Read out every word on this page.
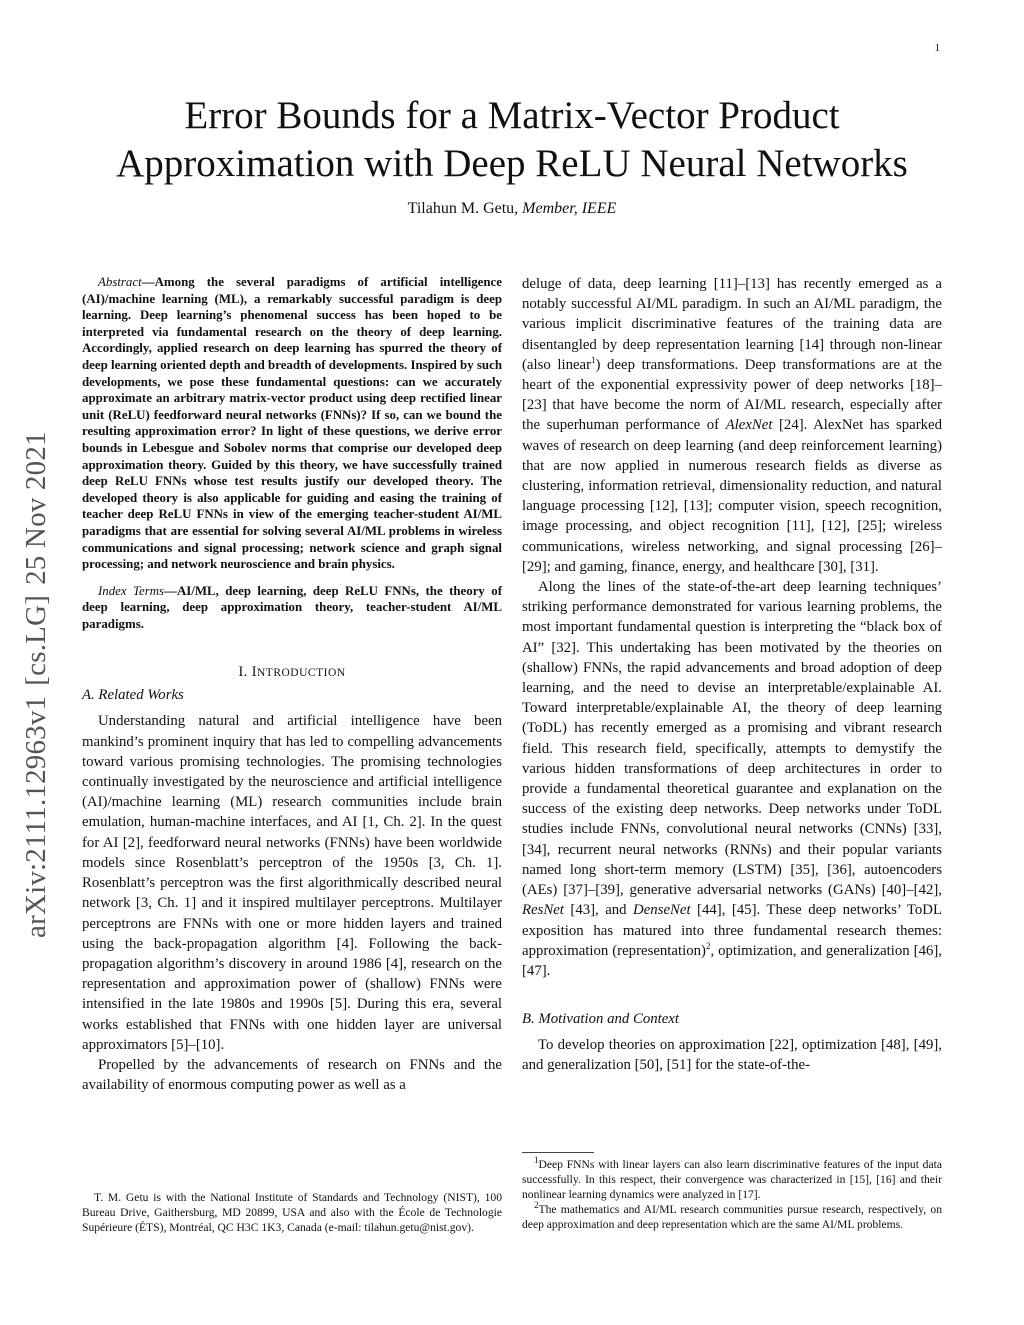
1
Error Bounds for a Matrix-Vector Product
Approximation with Deep ReLU Neural Networks
Tilahun M. Getu, Member, IEEE
arXiv:2111.12963v1[cs.LG]25 Nov 2021

Abstract—Among the several paradigms of artificial intelligence (AI)/machine learning (ML), a remarkably successful paradigm is deep learning. Deep learning’s phenomenal success has been hoped to be interpreted via fundamental research on the theory of deep learning. Accordingly, applied research on deep learning has spurred the theory of deep learning oriented depth and breadth of developments. Inspired by such developments, we pose these fundamental questions: can we accurately approximate an arbitrary matrix-vector product using deep rectified linear unit (ReLU) feedforward neural networks (FNNs)? If so, can we bound the resulting approximation error? In light of these questions, we derive error bounds in Lebesgue and Sobolev norms that comprise our developed deep approximation theory. Guided by this theory, we have successfully trained deep ReLU FNNs whose test results justify our developed theory. The developed theory is also applicable for guiding and easing the training of teacher deep ReLU FNNs in view of the emerging teacher-student AI/ML paradigms that are essential for solving several AI/ML problems in wireless communications and signal processing; network science and graph signal processing; and network neuroscience and brain physics.

Index Terms—AI/ML, deep learning, deep ReLU FNNs, the theory of deep learning, deep approximation theory, teacher-student AI/ML paradigms.

I. INTRODUCTION
A. Related Works

Understanding natural and artificial intelligence have been mankind’s prominent inquiry that has led to compelling advancements toward various promising technologies. The promising technologies continually investigated by the neuroscience and artificial intelligence (AI)/machine learning (ML) research communities include brain emulation, human-machine interfaces, and AI [1, Ch. 2]. In the quest for AI [2], feedforward neural networks (FNNs) have been worldwide models since Rosenblatt’s perceptron of the 1950s [3, Ch. 1]. Rosenblatt’s perceptron was the first algorithmically described neural network [3, Ch. 1] and it inspired multilayer perceptrons. Multilayer perceptrons are FNNs with one or more hidden layers and trained using the back-propagation algorithm [4]. Following the back-propagation algorithm’s discovery in around 1986 [4], research on the representation and approximation power of (shallow) FNNs were intensified in the late 1980s and 1990s [5]. During this era, several works established that FNNs with one hidden layer are universal approximators [5]–[10].

Propelled by the advancements of research on FNNs and the availability of enormous computing power as well as a

deluge of data, deep learning [11]–[13] has recently emerged as a notably successful AI/ML paradigm. In such an AI/ML paradigm, the various implicit discriminative features of the training data are disentangled by deep representation learning [14] through non-linear (also linear$^1$) deep transformations. Deep transformations are at the heart of the exponential expressivity power of deep networks [18]–[23] that have become the norm of AI/ML research, especially after the superhuman performance of AlexNet [24]. AlexNet has sparked waves of research on deep learning (and deep reinforcement learning) that are now applied in numerous research fields as diverse as clustering, information retrieval, dimensionality reduction, and natural language processing [12], [13]; computer vision, speech recognition, image processing, and object recognition [11], [12], [25]; wireless communications, wireless networking, and signal processing [26]–[29]; and gaming, finance, energy, and healthcare [30], [31].

Along the lines of the state-of-the-art deep learning techniques’ striking performance demonstrated for various learning problems, the most important fundamental question is interpreting the “black box of AI” [32]. This undertaking has been motivated by the theories on (shallow) FNNs, the rapid advancements and broad adoption of deep learning, and the need to devise an interpretable/explainable AI. Toward interpretable/explainable AI, the theory of deep learning (ToDL) has recently emerged as a promising and vibrant research field. This research field, specifically, attempts to demystify the various hidden transformations of deep architectures in order to provide a fundamental theoretical guarantee and explanation on the success of the existing deep networks. Deep networks under ToDL studies include FNNs, convolutional neural networks (CNNs) [33], [34], recurrent neural networks (RNNs) and their popular variants named long short-term memory (LSTM) [35], [36], autoencoders (AEs) [37]–[39], generative adversarial networks (GANs) [40]–[42], ResNet [43], and DenseNet [44], [45]. These deep networks’ ToDL exposition has matured into three fundamental research themes: approximation (representation)$^2$, optimization, and generalization [46], [47].

B. Motivation and Context

To develop theories on approximation [22], optimization [48], [49], and generalization [50], [51] for the state-of-the-

T. M. Getu is with the National Institute of Standards and Technology (NIST), 100 Bureau Drive, Gaithersburg, MD 20899, USA and also with the École de Technologie Supérieure (ÉTS), Montréal, QC H3C 1K3, Canada (e-mail: tilahun.getu@nist.gov).

$^1$Deep FNNs with linear layers can also learn discriminative features of the input data successfully. In this respect, their convergence was characterized in [15], [16] and their nonlinear learning dynamics were analyzed in [17].

$^2$The mathematics and AI/ML research communities pursue research, respectively, on deep approximation and deep representation which are the same AI/ML problems.
